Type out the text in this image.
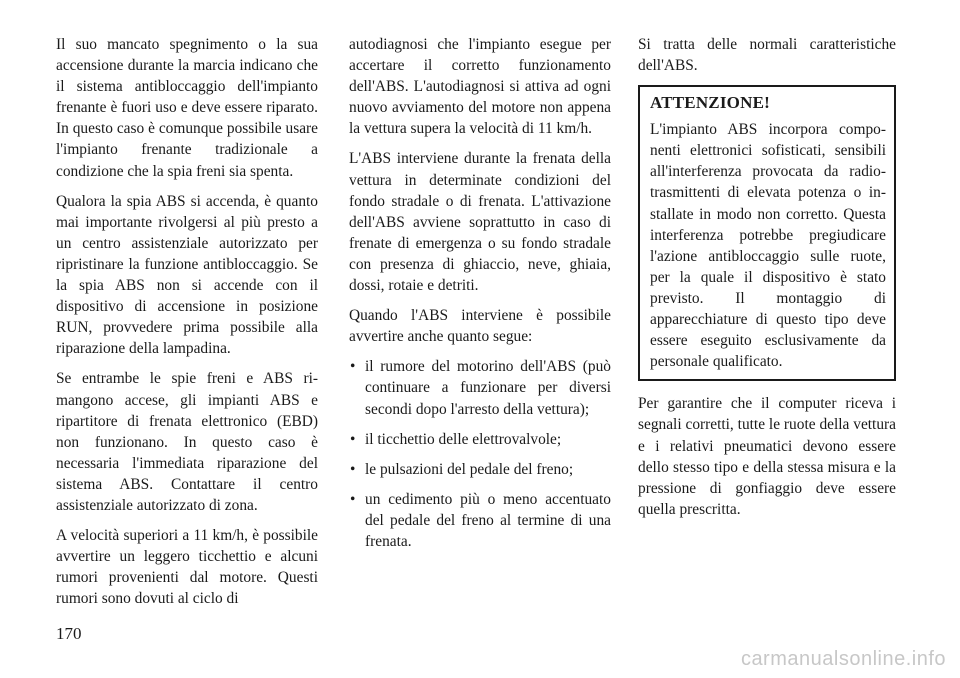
Il suo mancato spegnimento o la sua accensione durante la marcia indicano che il sistema antibloccaggio dell'impianto frenante è fuori uso e deve essere riparato. In questo caso è comunque possibile usare l'impianto frenante tradizionale a condizione che la spia freni sia spenta.

Qualora la spia ABS si accenda, è quanto mai importante rivolgersi al più presto a un centro assistenziale autorizzato per ripristinare la funzione antibloccaggio. Se la spia ABS non si accende con il dispositivo di accensione in posizione RUN, provvedere prima possibile alla riparazione della lampadina.

Se entrambe le spie freni e ABS rimangono accese, gli impianti ABS e ripartitore di frenata elettronico (EBD) non funzionano. In questo caso è necessaria l'immediata riparazione del sistema ABS. Contattare il centro assistenziale autorizzato di zona.

A velocità superiori a 11 km/h, è possibile avvertire un leggero ticchettio e alcuni rumori provenienti dal motore. Questi rumori sono dovuti al ciclo di

autodiagnosi che l'impianto esegue per accertare il corretto funzionamento dell'ABS. L'autodiagnosi si attiva ad ogni nuovo avviamento del motore non appena la vettura supera la velocità di 11 km/h.

L'ABS interviene durante la frenata della vettura in determinate condizioni del fondo stradale o di frenata. L'attivazione dell'ABS avviene soprattutto in caso di frenate di emergenza o su fondo stradale con presenza di ghiaccio, neve, ghiaia, dossi, rotaie e detriti.

Quando l'ABS interviene è possibile avvertire anche quanto segue:

• il rumore del motorino dell'ABS (può continuare a funzionare per diversi secondi dopo l'arresto della vettura);
• il ticchettio delle elettrovalvole;
• le pulsazioni del pedale del freno;
• un cedimento più o meno accentuato del pedale del freno al termine di una frenata.

Si tratta delle normali caratteristiche dell'ABS.

ATTENZIONE!

L'impianto ABS incorpora componenti elettronici sofisticati, sensibili all'interferenza provocata da radiotrasmittenti di elevata potenza o installate in modo non corretto. Questa interferenza potrebbe pregiudicare l'azione antibloccaggio sulle ruote, per la quale il dispositivo è stato previsto. Il montaggio di apparecchiature di questo tipo deve essere eseguito esclusivamente da personale qualificato.

Per garantire che il computer riceva i segnali corretti, tutte le ruote della vettura e i relativi pneumatici devono essere dello stesso tipo e della stessa misura e la pressione di gonfiaggio deve essere quella prescritta.

170
carmanualsonline.info
